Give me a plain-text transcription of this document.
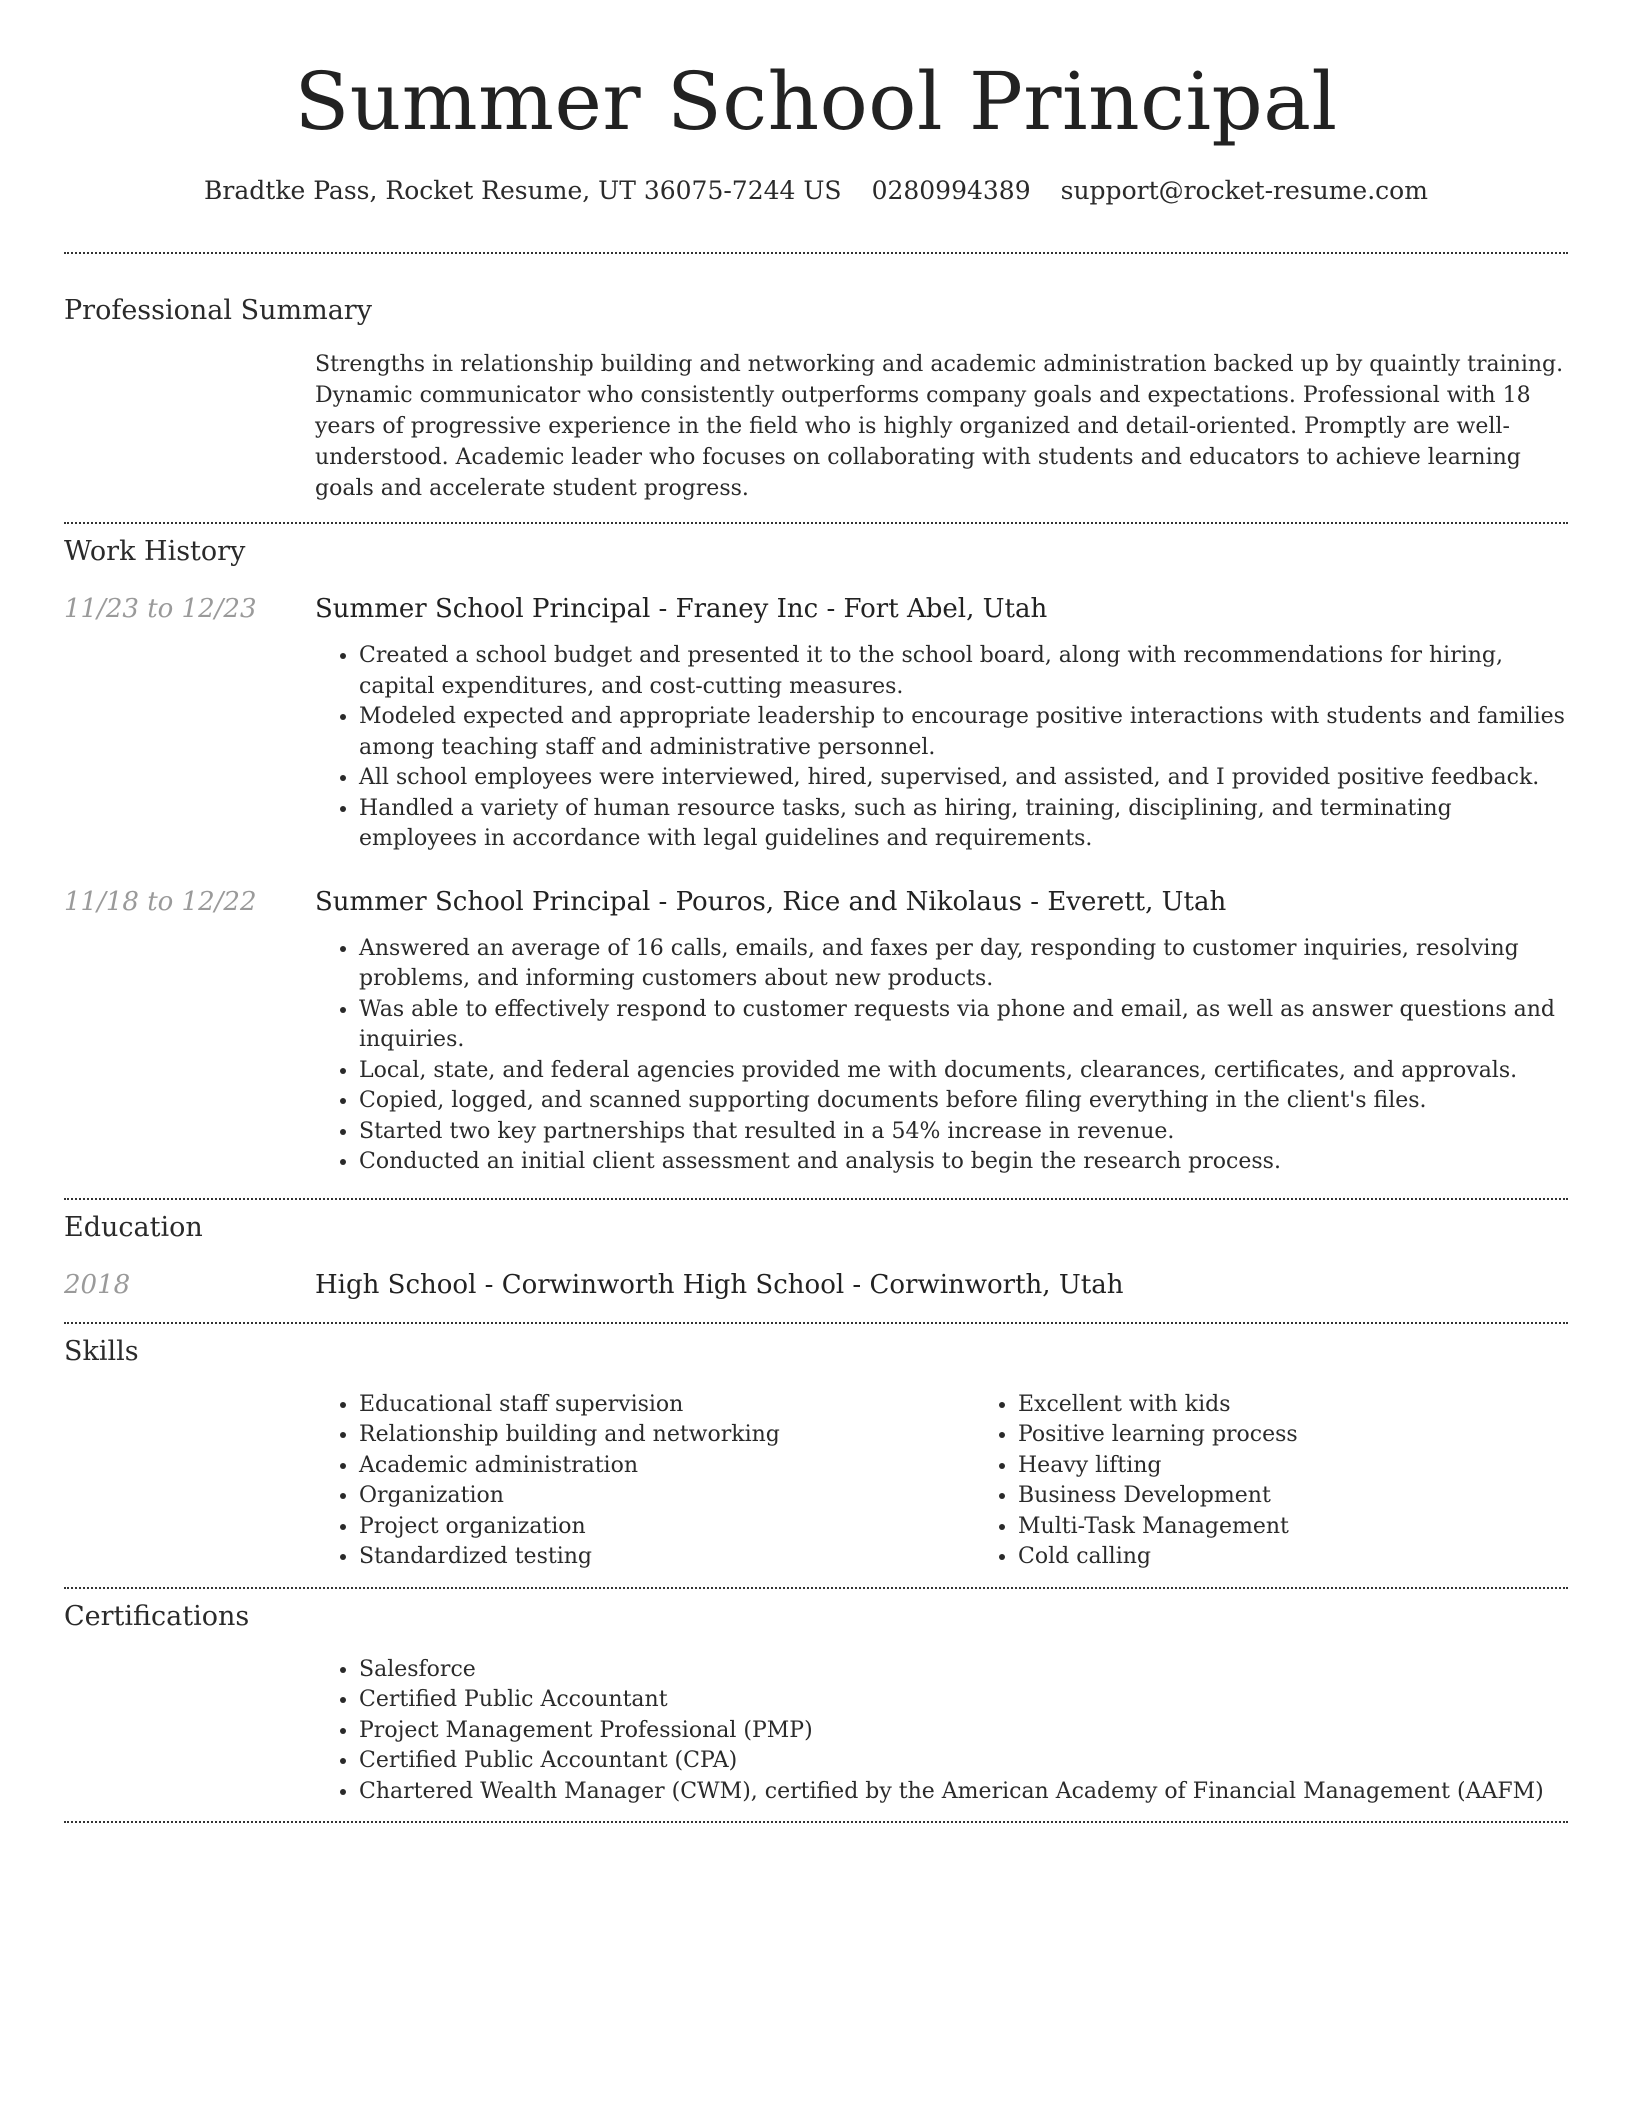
Summer School Principal
Bradtke Pass, Rocket Resume, UT 36075-7244 US 0280994389 support@rocket-resume.com
Professional Summary

Strengths in relationship building and networking and academic administration backed up by quaintly training. Dynamic communicator who consistently outperforms company goals and expectations. Professional with 18 years of progressive experience in the field who is highly organized and detail-oriented. Promptly are well-understood. Academic leader who focuses on collaborating with students and educators to achieve learning goals and accelerate student progress.

Work History
11/23 to 12/23	Summer School Principal - Franey Inc - Fort Abel, Utah
• Created a school budget and presented it to the school board, along with recommendations for hiring, capital expenditures, and cost-cutting measures.
• Modeled expected and appropriate leadership to encourage positive interactions with students and families among teaching staff and administrative personnel.
• All school employees were interviewed, hired, supervised, and assisted, and I provided positive feedback.
• Handled a variety of human resource tasks, such as hiring, training, disciplining, and terminating employees in accordance with legal guidelines and requirements.
11/18 to 12/22	Summer School Principal - Pouros, Rice and Nikolaus - Everett, Utah
• Answered an average of 16 calls, emails, and faxes per day, responding to customer inquiries, resolving problems, and informing customers about new products.
• Was able to effectively respond to customer requests via phone and email, as well as answer questions and inquiries.
• Local, state, and federal agencies provided me with documents, clearances, certificates, and approvals.
• Copied, logged, and scanned supporting documents before filing everything in the client's files.
• Started two key partnerships that resulted in a 54% increase in revenue.
• Conducted an initial client assessment and analysis to begin the research process.
Education
2018	High School - Corwinworth High School - Corwinworth, Utah
Skills
• Educational staff supervision
• Relationship building and networking
• Academic administration
• Organization
• Project organization
• Standardized testing
• Excellent with kids
• Positive learning process
• Heavy lifting
• Business Development
• Multi-Task Management
• Cold calling
Certifications
• Salesforce
• Certified Public Accountant
• Project Management Professional (PMP)
• Certified Public Accountant (CPA)
• Chartered Wealth Manager (CWM), certified by the American Academy of Financial Management (AAFM)
